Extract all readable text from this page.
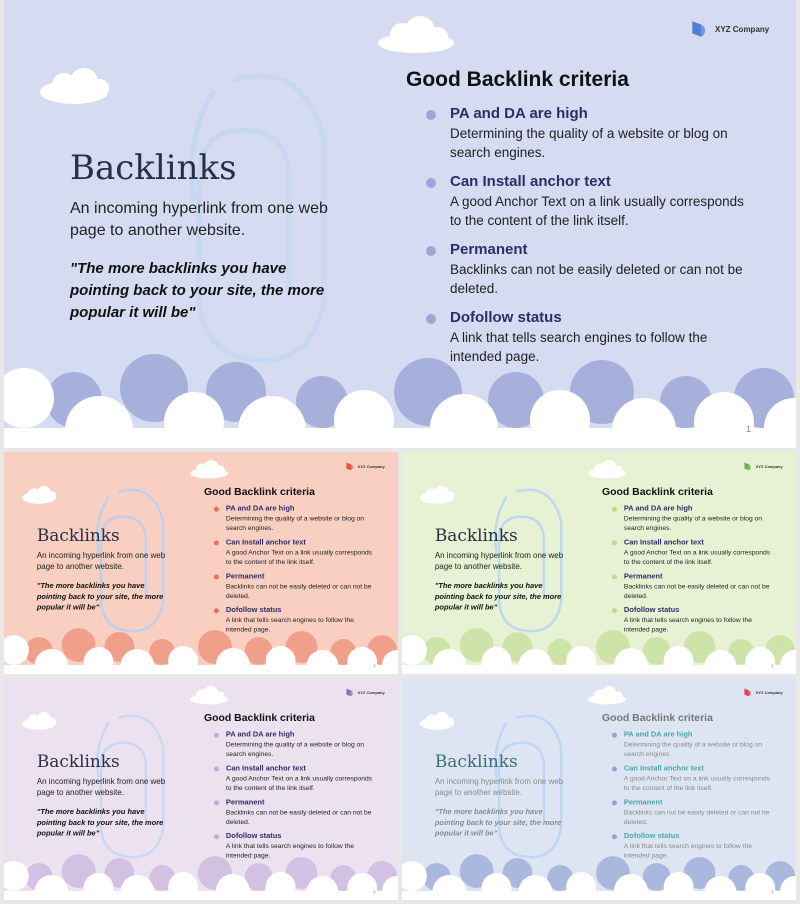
XYZ Company
Backlinks
An incoming hyperlink from one web page to another website.
"The more backlinks you have pointing back to your site, the more popular it will be"
Good Backlink criteria
PA and DA are high
Determining the quality of a website or blog on search engines.
Can Install anchor text
A good Anchor Text on a link usually corresponds to the content of the link itself.
Permanent
Backlinks can not be easily deleted or can not be deleted.
Dofollow status
A link that tells search engines to follow the intended page.
1
XYZ Company
Backlinks
An incoming hyperlink from one web page to another website.
"The more backlinks you have pointing back to your site, the more popular it will be"
Good Backlink criteria
PA and DA are high
Determining the quality of a website or blog on search engines.
Can Install anchor text
A good Anchor Text on a link usually corresponds to the content of the link itself.
Permanent
Backlinks can not be easily deleted or can not be deleted.
Dofollow status
A link that tells search engines to follow the intended page.
1
XYZ Company
Backlinks
An incoming hyperlink from one web page to another website.
"The more backlinks you have pointing back to your site, the more popular it will be"
Good Backlink criteria
PA and DA are high
Determining the quality of a website or blog on search engines.
Can Install anchor text
A good Anchor Text on a link usually corresponds to the content of the link itself.
Permanent
Backlinks can not be easily deleted or can not be deleted.
Dofollow status
A link that tells search engines to follow the intended page.
1
XYZ Company
Backlinks
An incoming hyperlink from one web page to another website.
"The more backlinks you have pointing back to your site, the more popular it will be"
Good Backlink criteria
PA and DA are high
Determining the quality of a website or blog on search engines.
Can Install anchor text
A good Anchor Text on a link usually corresponds to the content of the link itself.
Permanent
Backlinks can not be easily deleted or can not be deleted.
Dofollow status
A link that tells search engines to follow the intended page.
1
XYZ Company
Backlinks
An incoming hyperlink from one web page to another website.
"The more backlinks you have pointing back to your site, the more popular it will be"
Good Backlink criteria
PA and DA are high
Determining the quality of a website or blog on search engines.
Can Install anchor text
A good Anchor Text on a link usually corresponds to the content of the link itself.
Permanent
Backlinks can not be easily deleted or can not be deleted.
Dofollow status
A link that tells search engines to follow the intended page.
1
